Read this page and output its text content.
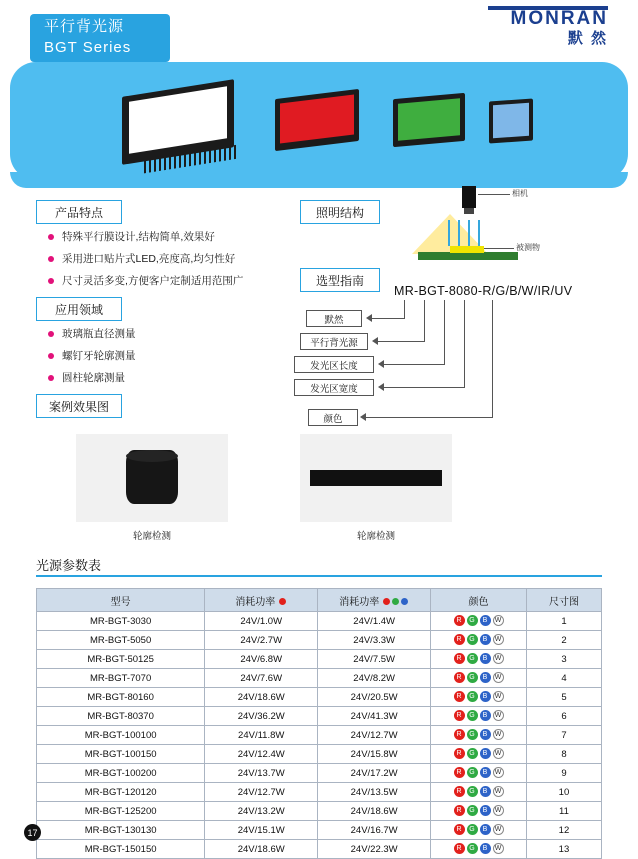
平行背光源
BGT Series
MONRAN
默 然
产品特点
应用领域
案例效果图
照明结构
选型指南
光源参数表
特殊平行膜设计,结构简单,效果好
采用进口贴片式LED,亮度高,均匀性好
尺寸灵活多变,方便客户定制适用范围广
玻璃瓶直径测量
螺钉牙轮廓测量
圆柱轮廓测量
相机
被测物
MR-BGT-8080-R/G/B/W/IR/UV
默然
平行背光源
发光区长度
发光区宽度
颜色
轮廓检测	轮廓检测
型号	消耗功率	消耗功率	颜色	尺寸图
MR-BGT-3030	24V/1.0W	24V/1.4W	R G B W	1
MR-BGT-5050	24V/2.7W	24V/3.3W	R G B W	2
MR-BGT-50125	24V/6.8W	24V/7.5W	R G B W	3
MR-BGT-7070	24V/7.6W	24V/8.2W	R G B W	4
MR-BGT-80160	24V/18.6W	24V/20.5W	R G B W	5
MR-BGT-80370	24V/36.2W	24V/41.3W	R G B W	6
MR-BGT-100100	24V/11.8W	24V/12.7W	R G B W	7
MR-BGT-100150	24V/12.4W	24V/15.8W	R G B W	8
MR-BGT-100200	24V/13.7W	24V/17.2W	R G B W	9
MR-BGT-120120	24V/12.7W	24V/13.5W	R G B W	10
MR-BGT-125200	24V/13.2W	24V/18.6W	R G B W	11
MR-BGT-130130	24V/15.1W	24V/16.7W	R G B W	12
MR-BGT-150150	24V/18.6W	24V/22.3W	R G B W	13
17
